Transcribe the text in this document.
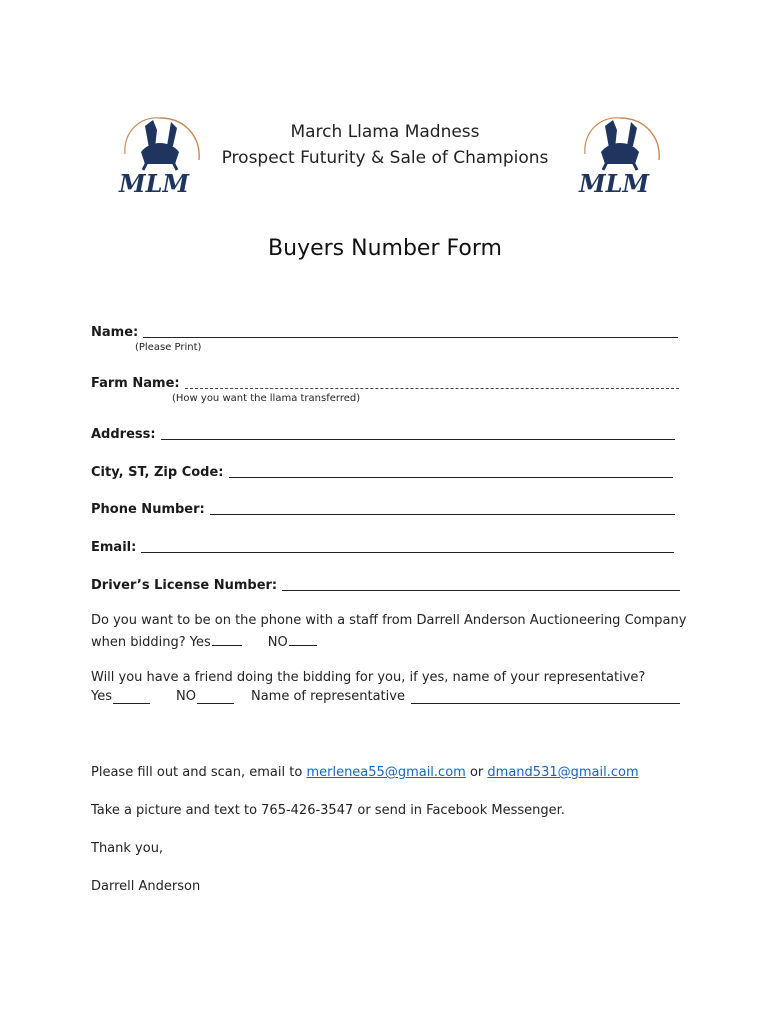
MLM	MLM
March Llama Madness
Prospect Futurity & Sale of Champions
Buyers Number Form
Name:
(Please Print)
Farm Name:
(How you want the llama transferred)
Address:
City, ST, Zip Code:
Phone Number:
Email:
Driver’s License Number:
Do you want to be on the phone with a staff from Darrell Anderson Auctioneering Company
when bidding? Yes	NO
Will you have a friend doing the bidding for you, if yes, name of your representative?
Yes	NO	Name of representative
Please fill out and scan, email to merlenea55@gmail.com or dmand531@gmail.com
Take a picture and text to 765-426-3547 or send in Facebook Messenger.
Thank you,
Darrell Anderson
